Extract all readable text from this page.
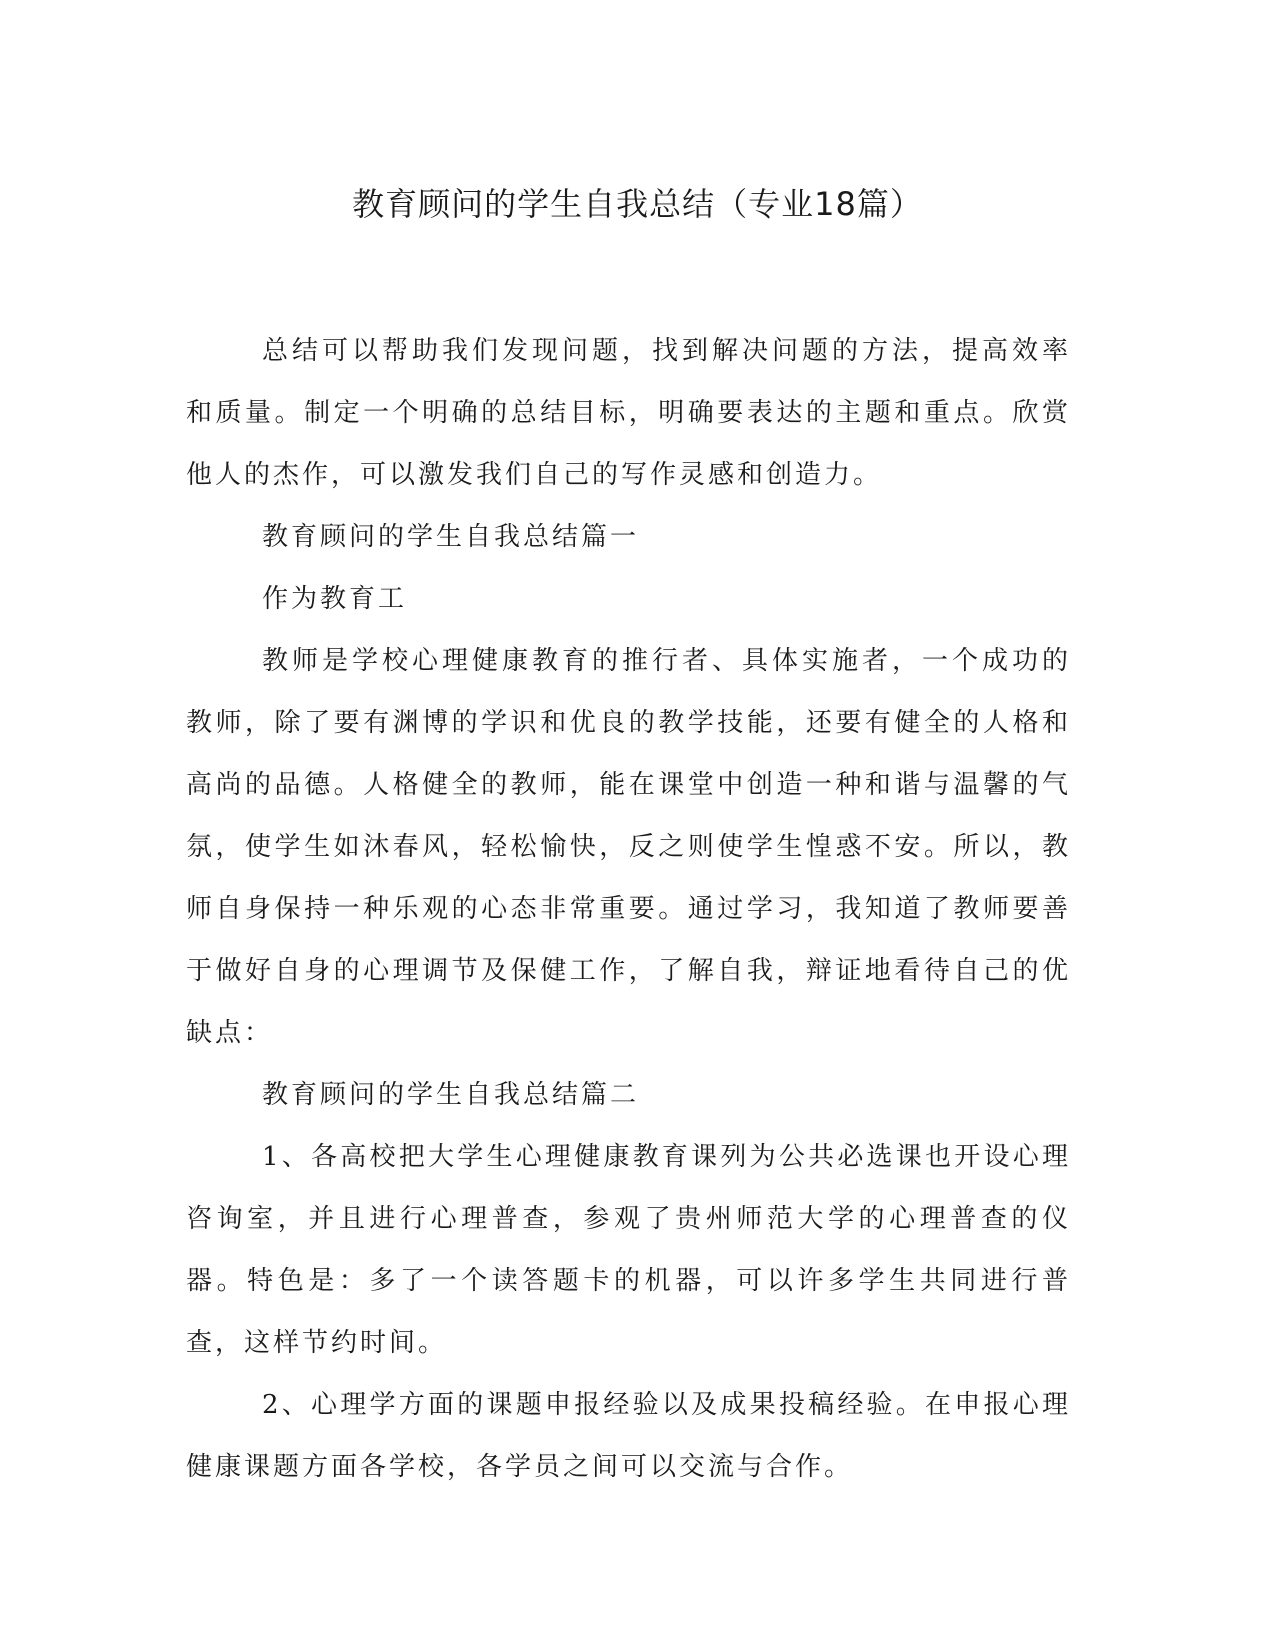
教育顾问的学生自我总结（专业18篇）

总结可以帮助我们发现问题，找到解决问题的方法，提高效率和质量。制定一个明确的总结目标，明确要表达的主题和重点。欣赏他人的杰作，可以激发我们自己的写作灵感和创造力。

教育顾问的学生自我总结篇一

作为教育工

教师是学校心理健康教育的推行者、具体实施者，一个成功的教师，除了要有渊博的学识和优良的教学技能，还要有健全的人格和高尚的品德。人格健全的教师，能在课堂中创造一种和谐与温馨的气氛，使学生如沐春风，轻松愉快，反之则使学生惶惑不安。所以，教师自身保持一种乐观的心态非常重要。通过学习，我知道了教师要善于做好自身的心理调节及保健工作，了解自我，辩证地看待自己的优缺点：

教育顾问的学生自我总结篇二

1、各高校把大学生心理健康教育课列为公共必选课也开设心理咨询室，并且进行心理普查，参观了贵州师范大学的心理普查的仪器。特色是：多了一个读答题卡的机器，可以许多学生共同进行普查，这样节约时间。

2、心理学方面的课题申报经验以及成果投稿经验。在申报心理健康课题方面各学校，各学员之间可以交流与合作。
